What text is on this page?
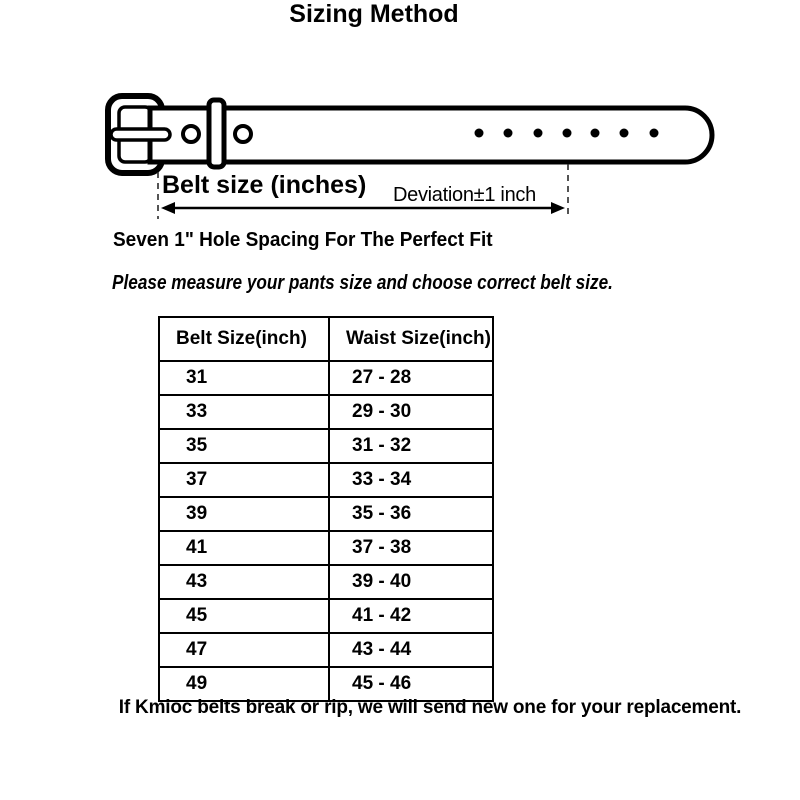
Sizing Method
Belt size (inches) Deviation±1 inch
Seven 1" Hole Spacing For The Perfect Fit
Please measure your pants size and choose correct belt size.
Belt Size(inch)	Waist Size(inch)
31	27 - 28
33	29 - 30
35	31 - 32
37	33 - 34
39	35 - 36
41	37 - 38
43	39 - 40
45	41 - 42
47	43 - 44
49	45 - 46
If Kmioc belts break or rip, we will send new one for your replacement.
